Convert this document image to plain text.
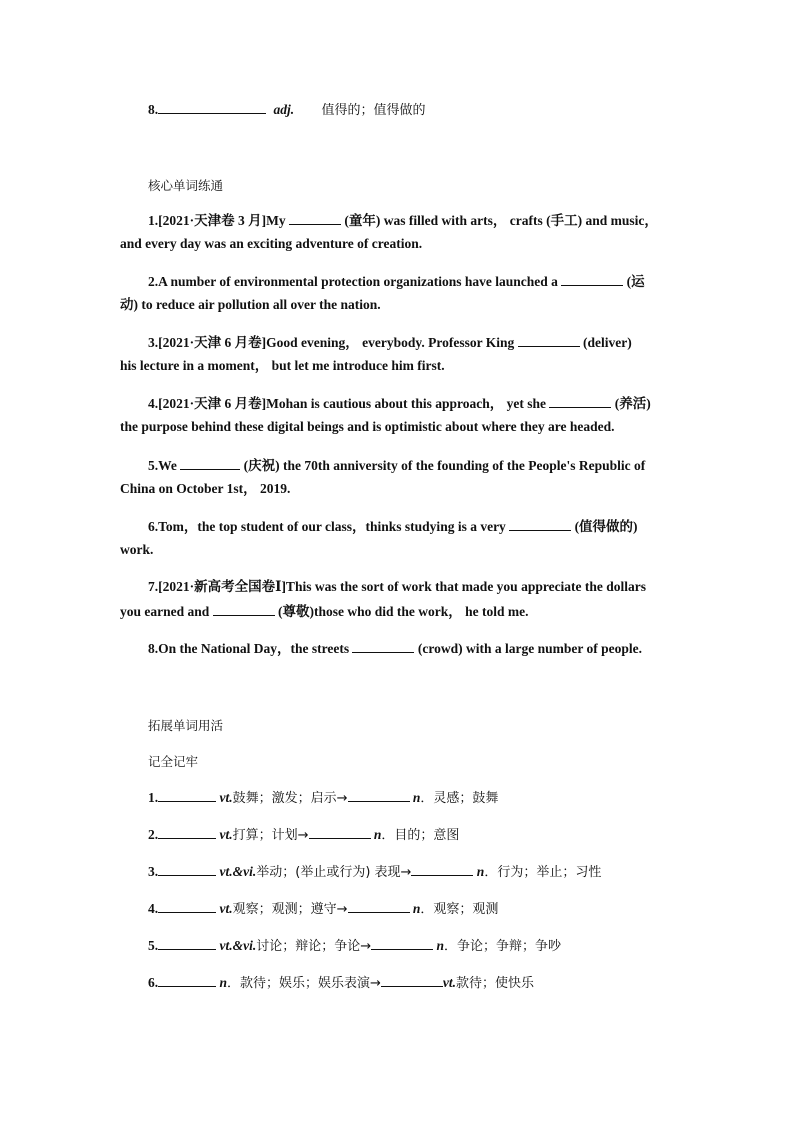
8.	adj. 值得的；值得做的
核心单词练通
1.[2021·天津卷 3 月]My	(童年) was filled with arts， crafts (手工) and music，
and every day was an exciting adventure of creation.
2.A number of environmental protection organizations have launched a	(运
动) to reduce air pollution all over the nation.
3.[2021·天津 6 月卷]Good evening， everybody. Professor King	(deliver)
his lecture in a moment， but let me introduce him first.
4.[2021·天津 6 月卷]Mohan is cautious about this approach， yet she	(养活)
the purpose behind these digital beings and is optimistic about where they are headed.
5.We	(庆祝) the 70th anniversity of the founding of the People's Republic of
China on October 1st， 2019.
6.Tom，the top student of our class，thinks studying is a very	(值得做的)
work.
7.[2021·新高考全国卷Ⅰ]This was the sort of work that made you appreciate the dollars
you earned and	(尊敬)those who did the work， he told me.
8.On the National Day，the streets	(crowd) with a large number of people.
拓展单词用活
记全记牢
1.	vt.鼓舞；激发；启示→	n．灵感；鼓舞
2.	vt.打算；计划→	n．目的；意图
3.	vt.&vi.举动；(举止或行为) 表现→	n．行为；举止；习性
4.	vt.观察；观测；遵守→	n．观察；观测
5.	vt.&vi.讨论；辩论；争论→	n．争论；争辩；争吵
6.	n．款待；娱乐；娱乐表演→	vt.款待；使快乐
